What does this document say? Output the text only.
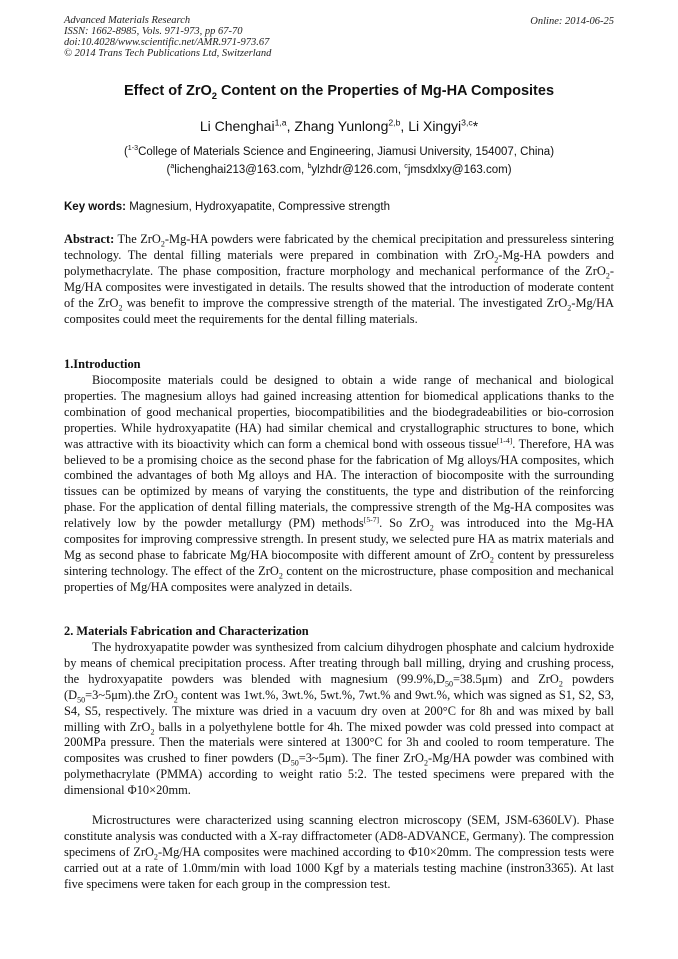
Advanced Materials Research
ISSN: 1662-8985, Vols. 971-973, pp 67-70
doi:10.4028/www.scientific.net/AMR.971-973.67
© 2014 Trans Tech Publications Ltd, Switzerland
Online: 2014-06-25
Effect of ZrO$_2$ Content on the Properties of Mg-HA Composites
Li Chenghai$^{1,a}$, Zhang Yunlong$^{2,b}$, Li Xingyi$^{3,c}$*
($^{1-3}$College of Materials Science and Engineering, Jiamusi University, 154007, China)
($^a$lichenghai213@163.com, $^b$ylzhdr@126.com, $^c$jmsdxlxy@163.com)
Key words: Magnesium, Hydroxyapatite, Compressive strength
Abstract: The ZrO$_2$-Mg-HA powders were fabricated by the chemical precipitation and pressureless sintering technology. The dental filling materials were prepared in combination with ZrO$_2$-Mg-HA powders and polymethacrylate. The phase composition, fracture morphology and mechanical performance of the ZrO$_2$-Mg/HA composites were investigated in details. The results showed that the introduction of moderate content of the ZrO$_2$ was benefit to improve the compressive strength of the material. The investigated ZrO$_2$-Mg/HA composites could meet the requirements for the dental filling materials.
1.Introduction
Biocomposite materials could be designed to obtain a wide range of mechanical and biological properties. The magnesium alloys had gained increasing attention for biomedical applications thanks to the combination of good mechanical properties, biocompatibilities and the biodegradeabilities or bio-corrosion properties. While hydroxyapatite (HA) had similar chemical and crystallographic structures to bone, which was attractive with its bioactivity which can form a chemical bond with osseous tissue[1-4]. Therefore, HA was believed to be a promising choice as the second phase for the fabrication of Mg alloys/HA composites, which combined the advantages of both Mg alloys and HA. The interaction of biocomposite with the surrounding tissues can be optimized by means of varying the constituents, the type and distribution of the reinforcing phase. For the application of dental filling materials, the compressive strength of the Mg-HA composites was relatively low by the powder metallurgy (PM) methods[5-7]. So ZrO$_2$ was introduced into the Mg-HA composites for improving compressive strength. In present study, we selected pure HA as matrix materials and Mg as second phase to fabricate Mg/HA biocomposite with different amount of ZrO$_2$ content by pressureless sintering technology. The effect of the ZrO$_2$ content on the microstructure, phase composition and mechanical properties of Mg/HA composites were analyzed in details.
2. Materials Fabrication and Characterization
The hydroxyapatite powder was synthesized from calcium dihydrogen phosphate and calcium hydroxide by means of chemical precipitation process. After treating through ball milling, drying and crushing process, the hydroxyapatite powders was blended with magnesium $(99.9\%,D_{50}=38.5\mu m)$ and ZrO$_2$ powders $(D_{50}=3\sim 5\mu m).the$ ZrO$_2$ content was 1wt.%, 3wt.%, 5wt.%, 7wt.% and 9wt.%, which was signed as S1, S2, S3, S4, S5, respectively. The mixture was dried in a vacuum dry oven at 200°C for 8h and was mixed by ball milling with ZrO$_2$ balls in a polyethylene bottle for 4h. The mixed powder was cold pressed into compact at 200MPa pressure. Then the materials were sintered at 1300°C for 3h and cooled to room temperature. The composites was crushed to finer powders $(D_{50}=3\sim 5\mu m)$. The finer ZrO$_2$-Mg/HA powder was combined with polymethacrylate (PMMA) according to weight ratio 5:2. The tested specimens were prepared with the dimensional Φ10×20mm.
Microstructures were characterized using scanning electron microscopy (SEM, JSM-6360LV). Phase constitute analysis was conducted with a X-ray diffractometer (AD8-ADVANCE, Germany). The compression specimens of ZrO$_2$-Mg/HA composites were machined according to Φ10×20mm. The compression tests were carried out at a rate of 1.0mm/min with load 1000 Kgf by a materials testing machine (instron3365). At last five specimens were taken for each group in the compression test.
